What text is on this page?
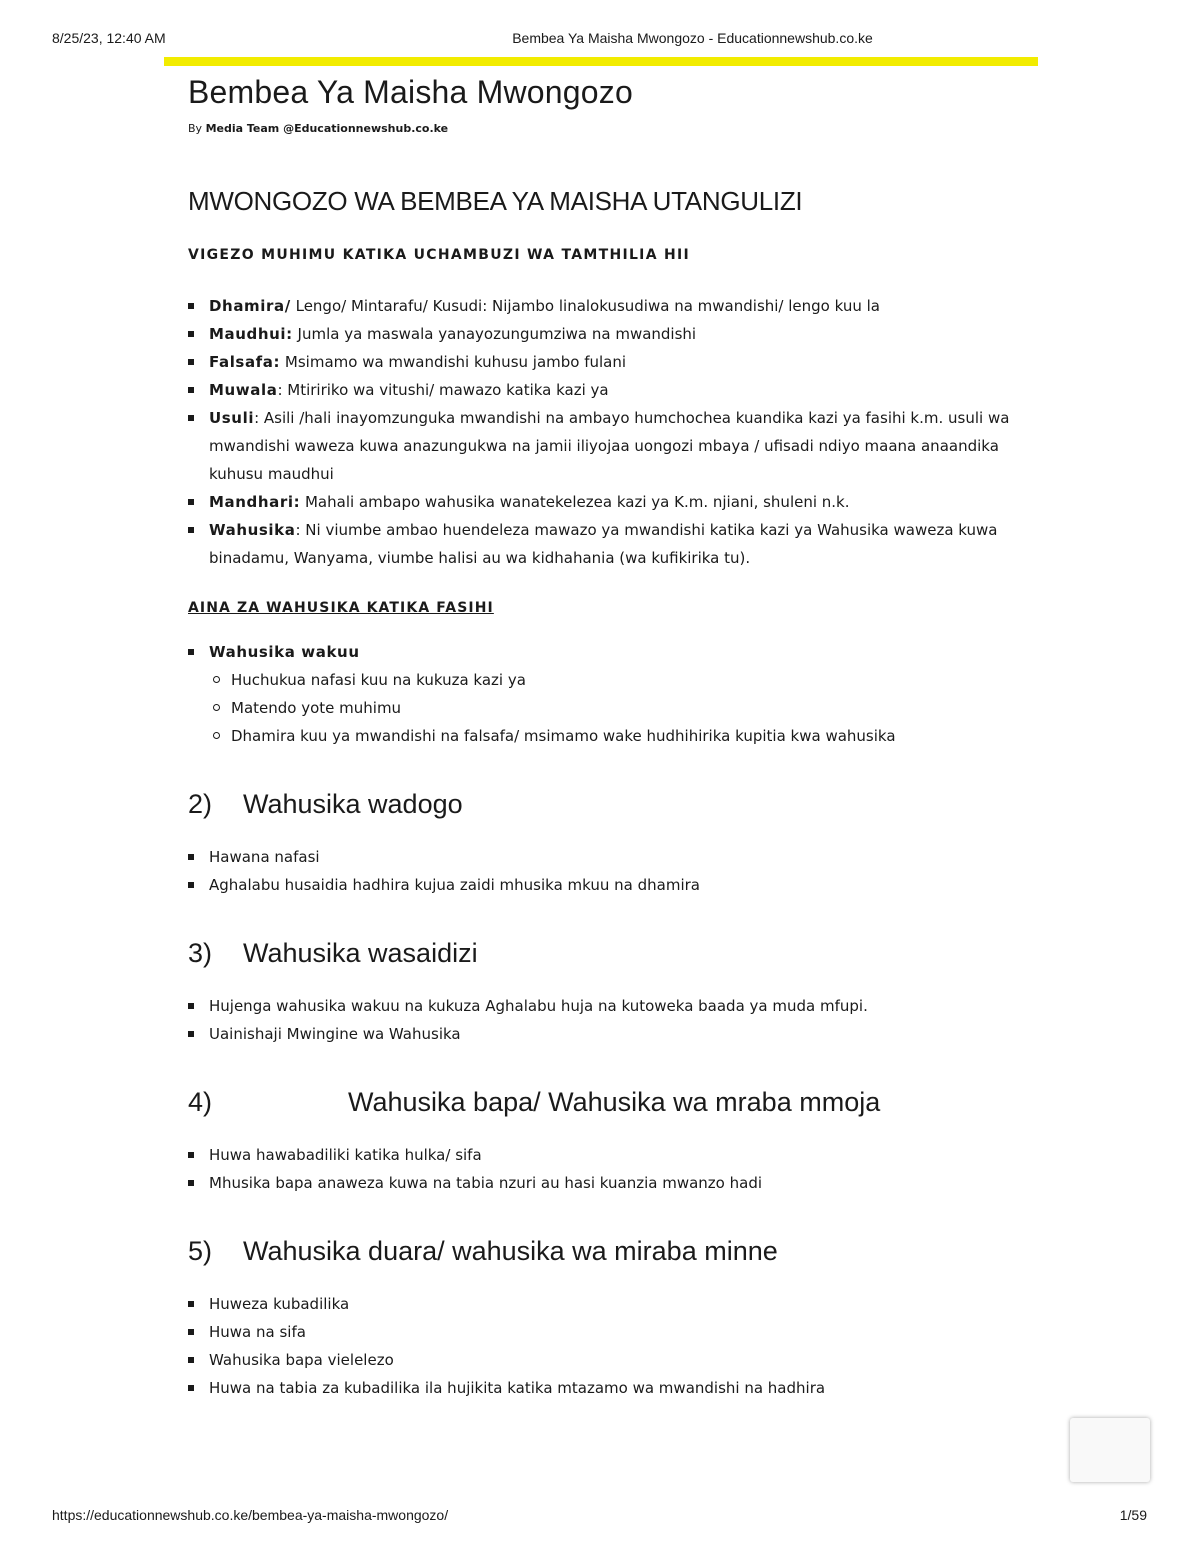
8/25/23, 12:40 AM	Bembea Ya Maisha Mwongozo - Educationnewshub.co.ke
Bembea Ya Maisha Mwongozo
By Media Team @Educationnewshub.co.ke
MWONGOZO WA BEMBEA YA MAISHA UTANGULIZI
VIGEZO MUHIMU KATIKA UCHAMBUZI WA TAMTHILIA HII
Dhamira/ Lengo/ Mintarafu/ Kusudi: Nijambo linalokusudiwa na mwandishi/ lengo kuu la
Maudhui: Jumla ya maswala yanayozungumziwa na mwandishi
Falsafa: Msimamo wa mwandishi kuhusu jambo fulani
Muwala: Mtiririko wa vitushi/ mawazo katika kazi ya
Usuli: Asili /hali inayomzunguka mwandishi na ambayo humchochea kuandika kazi ya fasihi k.m. usuli wa mwandishi waweza kuwa anazungukwa na jamii iliyojaa uongozi mbaya / ufisadi ndiyo maana anaandika kuhusu maudhui
Mandhari: Mahali ambapo wahusika wanatekelezea kazi ya K.m. njiani, shuleni n.k.
Wahusika: Ni viumbe ambao huendeleza mawazo ya mwandishi katika kazi ya Wahusika waweza kuwa binadamu, Wanyama, viumbe halisi au wa kidhahania (wa kufikirika tu).
AINA ZA WAHUSIKA KATIKA FASIHI
Wahusika wakuu
Huchukua nafasi kuu na kukuza kazi ya
Matendo yote muhimu
Dhamira kuu ya mwandishi na falsafa/ msimamo wake hudhihirika kupitia kwa wahusika
2)	Wahusika wadogo
Hawana nafasi
Aghalabu husaidia hadhira kujua zaidi mhusika mkuu na dhamira
3)	Wahusika wasaidizi
Hujenga wahusika wakuu na kukuza Aghalabu huja na kutoweka baada ya muda mfupi.
Uainishaji Mwingine wa Wahusika
4)	Wahusika bapa/ Wahusika wa mraba mmoja
Huwa hawabadiliki katika hulka/ sifa
Mhusika bapa anaweza kuwa na tabia nzuri au hasi kuanzia mwanzo hadi
5)	Wahusika duara/ wahusika wa miraba minne
Huweza kubadilika
Huwa na sifa
Wahusika bapa vielelezo
Huwa na tabia za kubadilika ila hujikita katika mtazamo wa mwandishi na hadhira
https://educationnewshub.co.ke/bembea-ya-maisha-mwongozo/	1/59
